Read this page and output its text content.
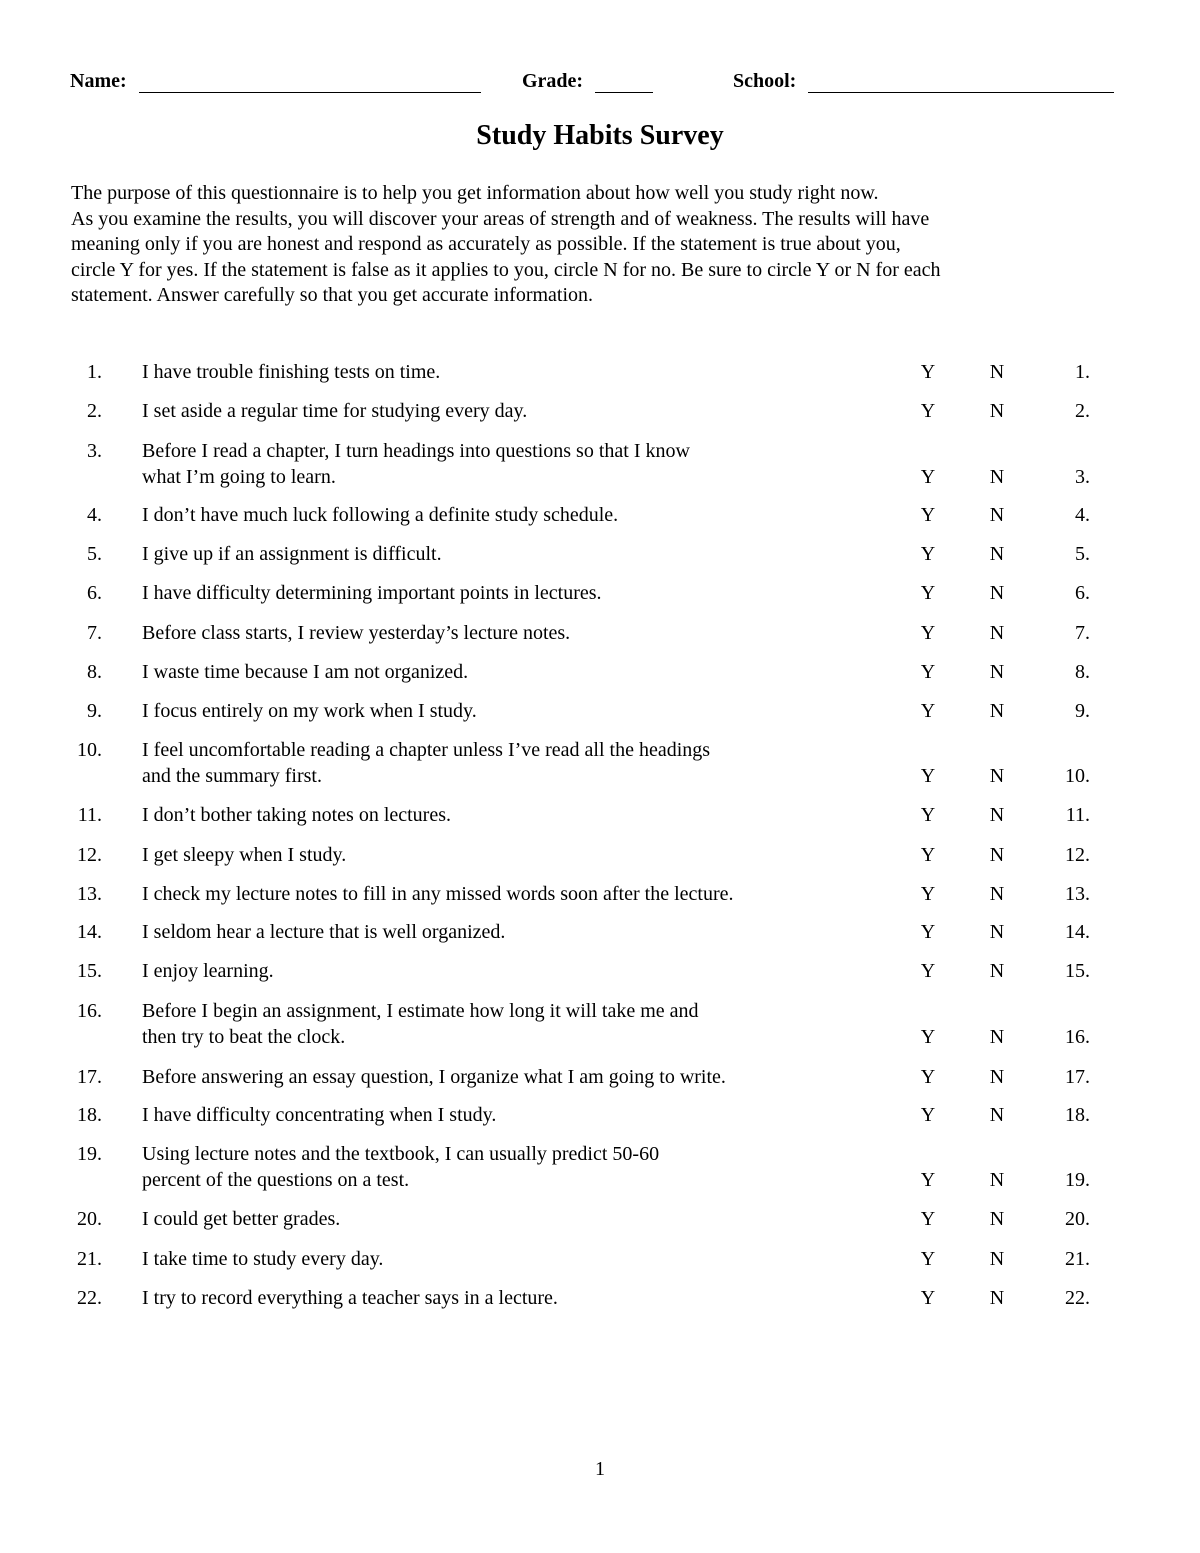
Name:	Grade:	School:
Study Habits Survey
The purpose of this questionnaire is to help you get information about how well you study right now.
As you examine the results, you will discover your areas of strength and of weakness. The results will have
meaning only if you are honest and respond as accurately as possible. If the statement is true about you,
circle Y for yes. If the statement is false as it applies to you, circle N for no. Be sure to circle Y or N for each
statement. Answer carefully so that you get accurate information.
1. I have trouble finishing tests on time.	Y	N	1.
2. I set aside a regular time for studying every day.	Y	N	2.
3. Before I read a chapter, I turn headings into questions so that I know
what I’m going to learn.	Y	N	3.
4. I don’t have much luck following a definite study schedule.	Y	N	4.
5. I give up if an assignment is difficult.	Y	N	5.
6. I have difficulty determining important points in lectures.	Y	N	6.
7. Before class starts, I review yesterday’s lecture notes.	Y	N	7.
8. I waste time because I am not organized.	Y	N	8.
9. I focus entirely on my work when I study.	Y	N	9.
10. I feel uncomfortable reading a chapter unless I’ve read all the headings
and the summary first.	Y	N	10.
11. I don’t bother taking notes on lectures.	Y	N	11.
12. I get sleepy when I study.	Y	N	12.
13. I check my lecture notes to fill in any missed words soon after the lecture.	Y	N	13.
14. I seldom hear a lecture that is well organized.	Y	N	14.
15. I enjoy learning.	Y	N	15.
16. Before I begin an assignment, I estimate how long it will take me and
then try to beat the clock.	Y	N	16.
17. Before answering an essay question, I organize what I am going to write.	Y	N	17.
18. I have difficulty concentrating when I study.	Y	N	18.
19. Using lecture notes and the textbook, I can usually predict 50-60
percent of the questions on a test.	Y	N	19.
20. I could get better grades.	Y	N	20.
21. I take time to study every day.	Y	N	21.
22. I try to record everything a teacher says in a lecture.	Y	N	22.
1
